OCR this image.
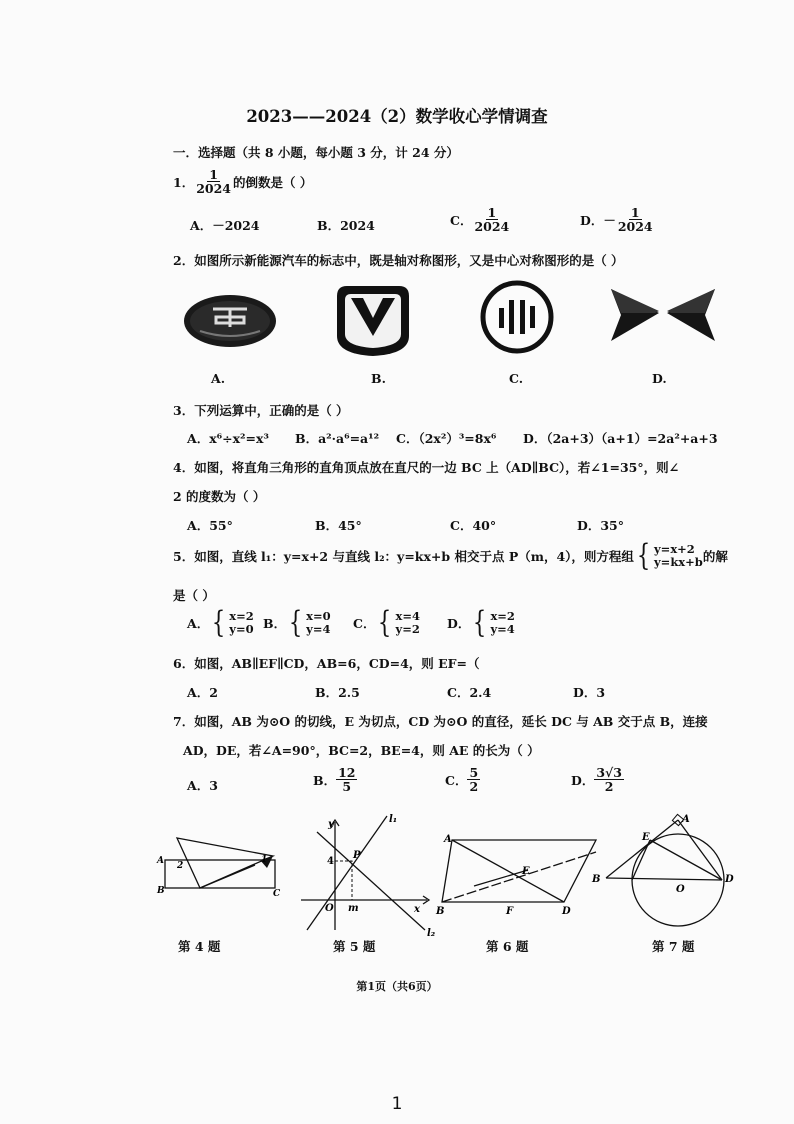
2023——2024（2）数学收心学情调查
一．选择题（共 8 小题，每小题 3 分，计 24 分）
1． $\frac{1}{2024}$ 的倒数是（ ）
A．－2024	B．2024	C． $\frac{1}{2024}$	D．－ $\frac{1}{2024}$
2．如图所示新能源汽车的标志中，既是轴对称图形，又是中心对称图形的是（ ）
A.	B.	C.	D.
3．下列运算中，正确的是（ ）
A．x⁶÷x²=x³ B．a²·a⁶=a¹² C．（2x²）³=8x⁶ D．（2a+3）（a+1）=2a²+a+3
4．如图，将直角三角形的直角顶点放在直尺的一边 BC 上（AD∥BC），若∠1=35°，则∠
2 的度数为（ ）
A．55°	B．45°	C．40°	D．35°
5．如图，直线 l₁：y=x+2 与直线 l₂：y=kx+b 相交于点 P（m，4），则方程组 { y=x+2
y=kx+b 的解
是（ ）
A． { x=2
y=0 B． { x=0
y=4 C． { x=4
y=2 D． { x=2
y=4
6．如图，AB∥EF∥CD，AB=6，CD=4，则 EF=（
A．2	B．2.5	C．2.4	D．3
7．如图，AB 为⊙O 的切线，E 为切点，CD 为⊙O 的直径，延长 DC 与 AB 交于点 B，连接
AD，DE，若∠A=90°，BC=2，BE=4，则 AE 的长为（ ）
A．3	B． $\frac{12}{5}$	C． $\frac{5}{2}$	D． $\frac{3√3}{2}$
A
B	C
2
1
y
x
O m
4
P
l₁
l₂
A
B
E
F	D
A
E
B
O
D
第 4 题	第 5 题	第 6 题	第 7 题
第1页（共6页）
1
